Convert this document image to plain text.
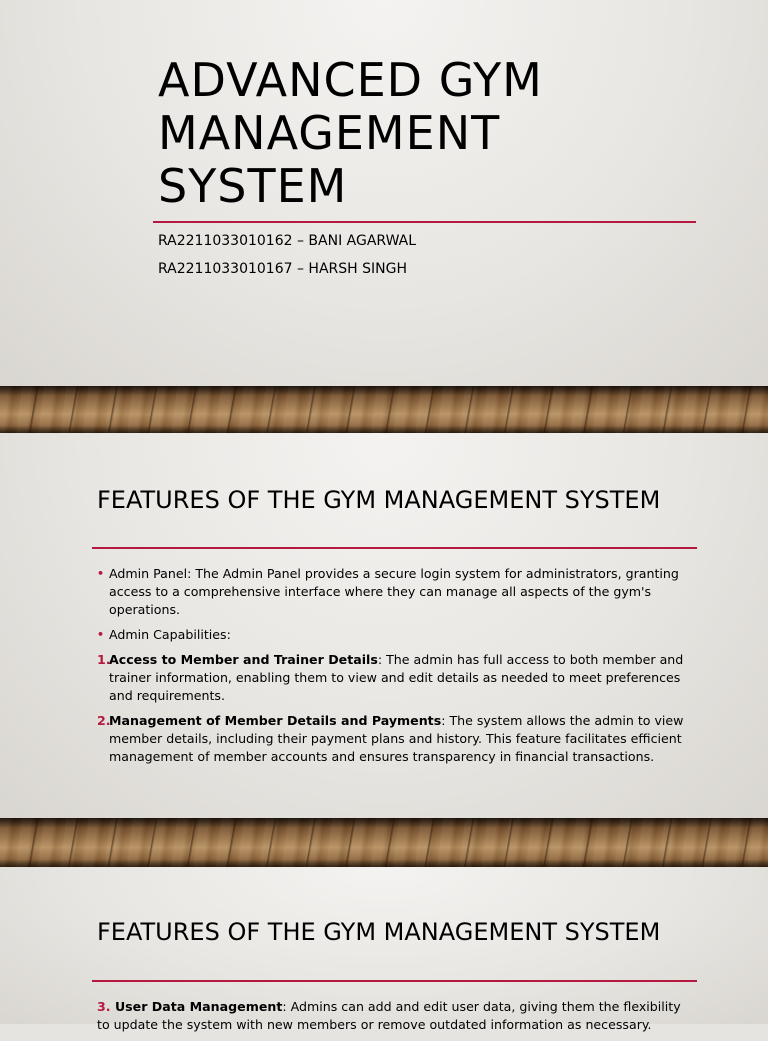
ADVANCED GYM MANAGEMENT SYSTEM

RA2211033010162 – BANI AGARWAL

RA2211033010167 – HARSH SINGH

FEATURES OF THE GYM MANAGEMENT SYSTEM
• Admin Panel: The Admin Panel provides a secure login system for administrators, granting access to a comprehensive interface where they can manage all aspects of the gym's operations.
• Admin Capabilities:
1.
Access to Member and Trainer Details: The admin has full access to both member and trainer information, enabling them to view and edit details as needed to meet preferences and requirements.
2.
Management of Member Details and Payments: The system allows the admin to view member details, including their payment plans and history. This feature facilitates efficient management of member accounts and ensures transparency in financial transactions.
FEATURES OF THE GYM MANAGEMENT SYSTEM
3. User Data Management: Admins can add and edit user data, giving them the flexibility to update the system with new members or remove outdated information as necessary.
